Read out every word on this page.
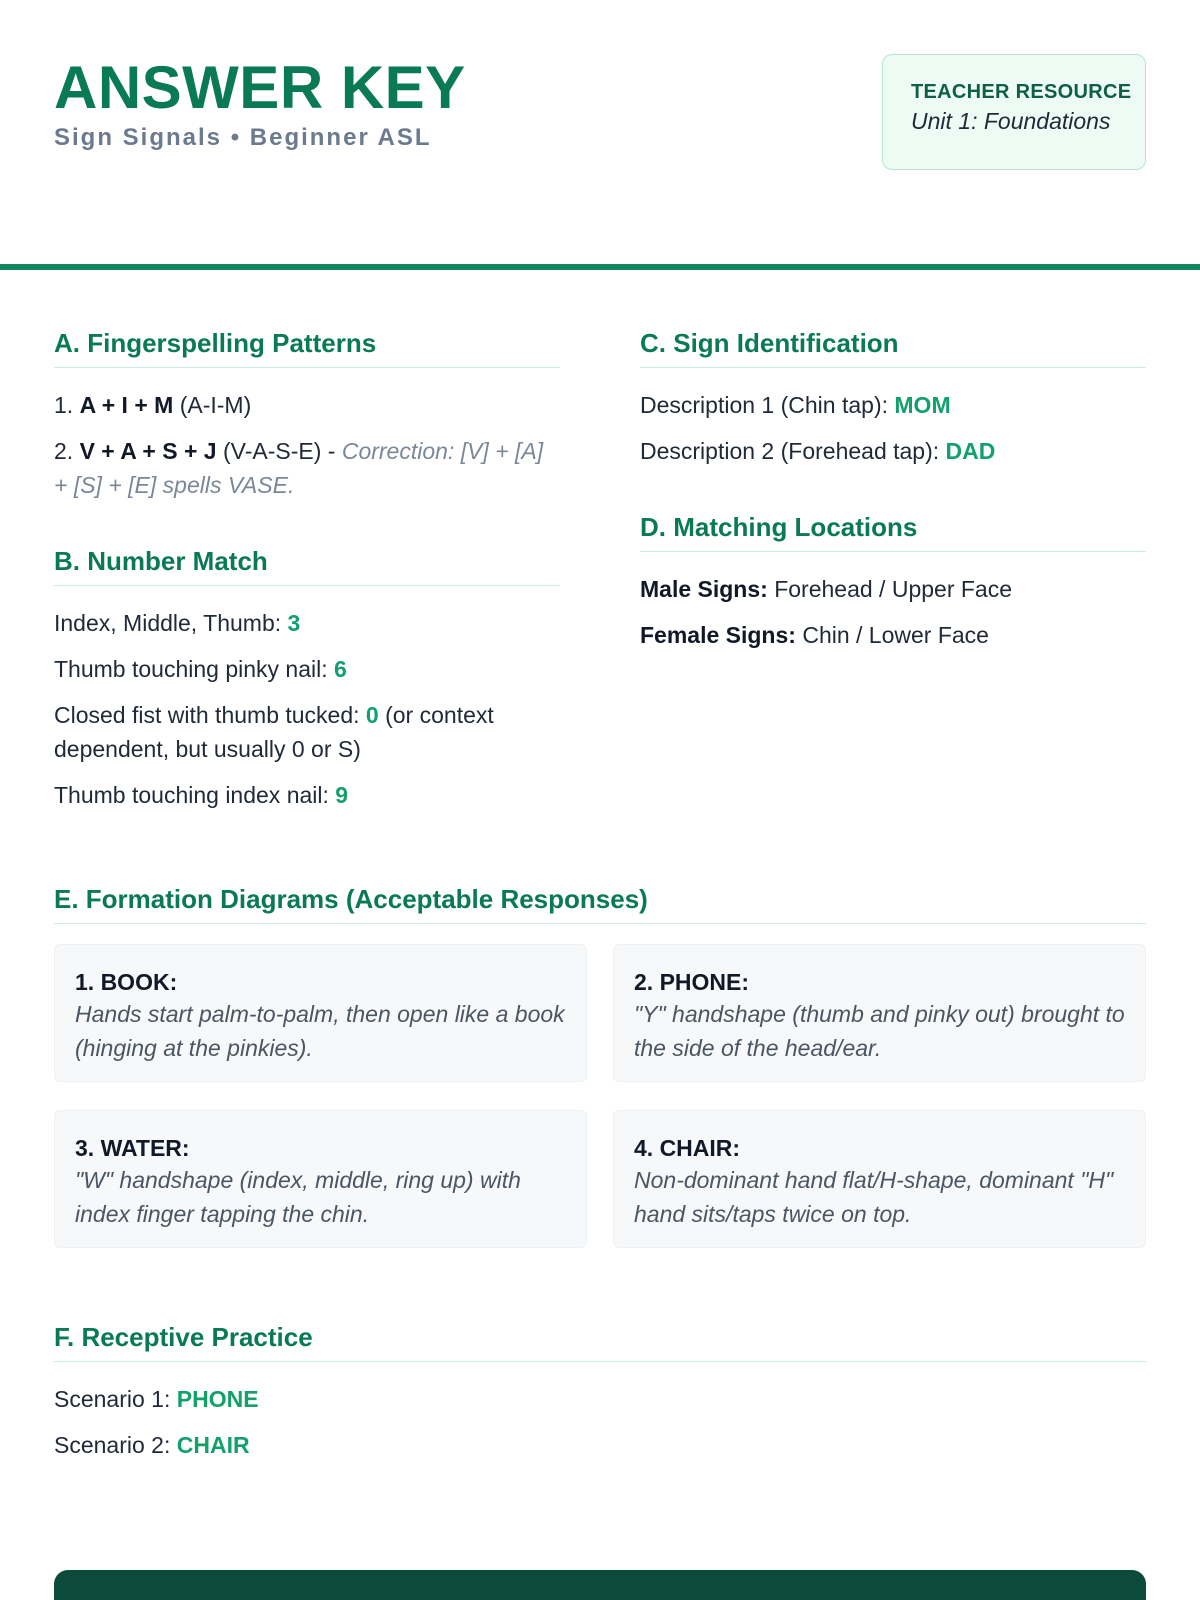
ANSWER KEY
Sign Signals • Beginner ASL
TEACHER RESOURCE
Unit 1: Foundations
A. Fingerspelling Patterns
1. A + I + M (A-I-M)
2. V + A + S + J (V-A-S-E) - Correction: [V] + [A] + [S] + [E] spells VASE.
B. Number Match
Index, Middle, Thumb: 3
Thumb touching pinky nail: 6
Closed fist with thumb tucked: 0 (or context dependent, but usually 0 or S)
Thumb touching index nail: 9
C. Sign Identification
Description 1 (Chin tap): MOM
Description 2 (Forehead tap): DAD
D. Matching Locations
Male Signs: Forehead / Upper Face
Female Signs: Chin / Lower Face
E. Formation Diagrams (Acceptable Responses)
1. BOOK:
Hands start palm-to-palm, then open like a book (hinging at the pinkies).
2. PHONE:
"Y" handshape (thumb and pinky out) brought to the side of the head/ear.
3. WATER:
"W" handshape (index, middle, ring up) with index finger tapping the chin.
4. CHAIR:
Non-dominant hand flat/H-shape, dominant "H" hand sits/taps twice on top.
F. Receptive Practice
Scenario 1: PHONE
Scenario 2: CHAIR
